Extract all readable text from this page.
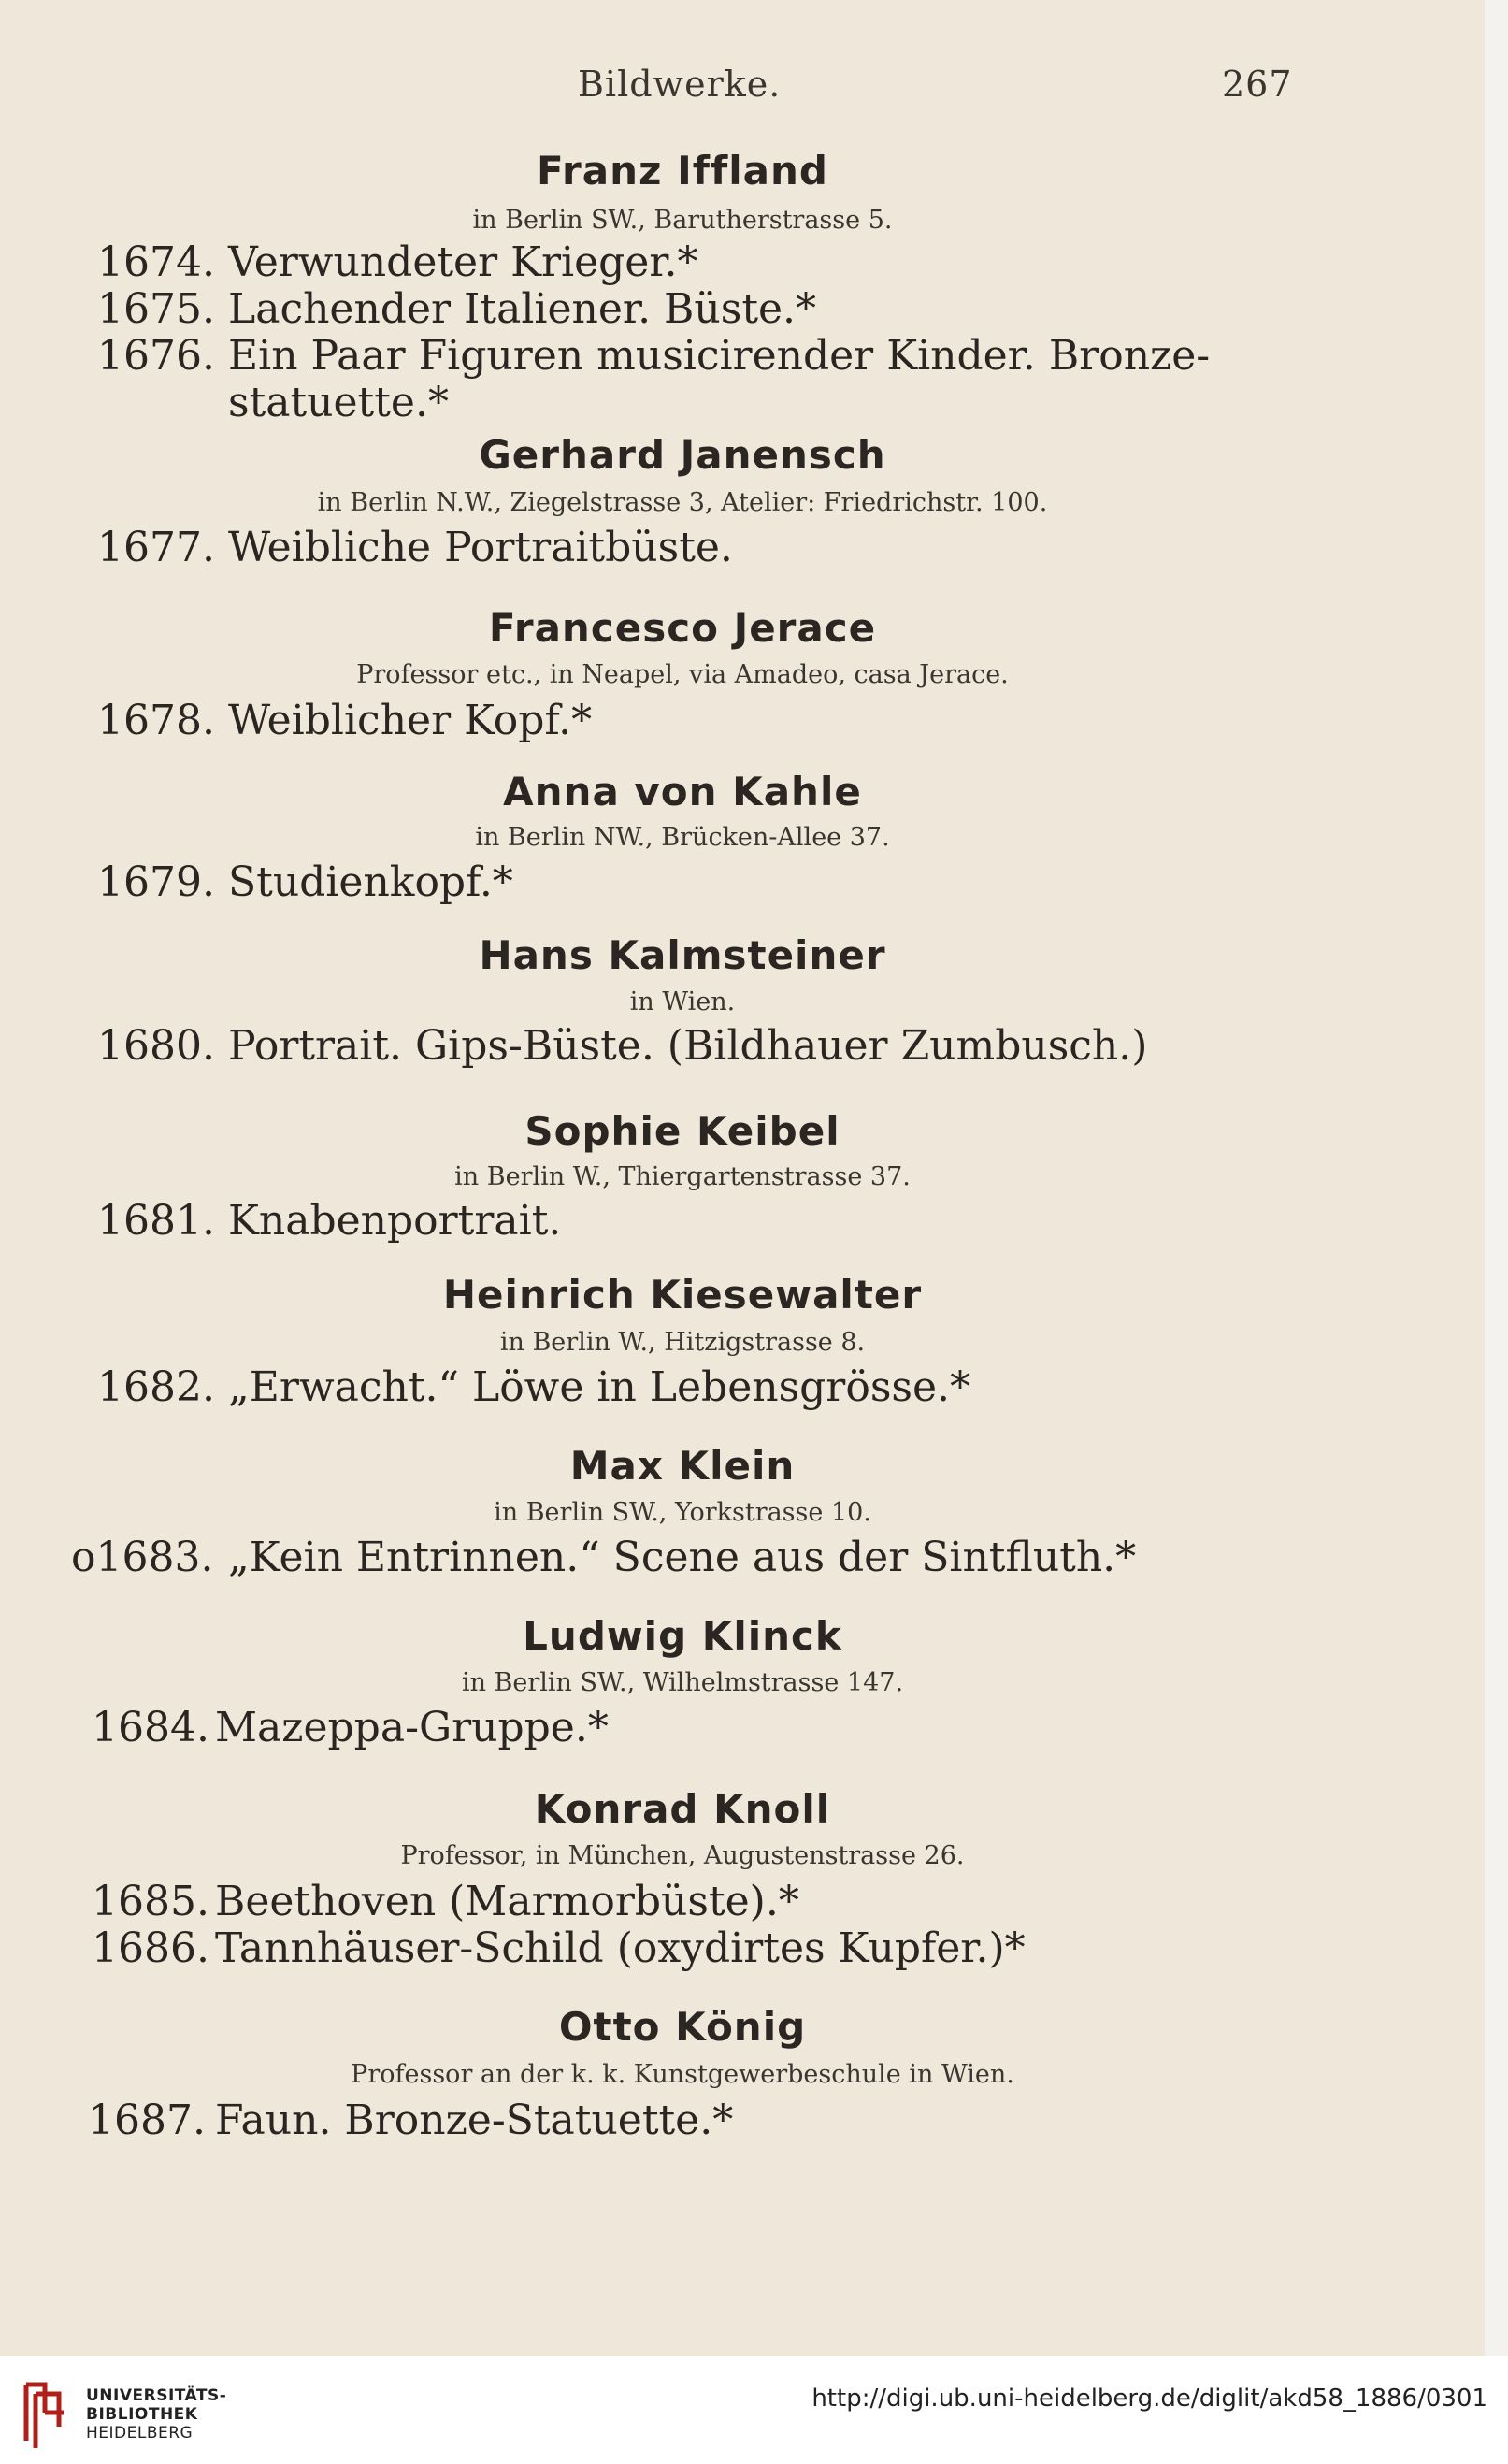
Bildwerke.	267
Franz Iffland
in Berlin SW., Barutherstrasse 5.
1674. Verwundeter Krieger.*
1675. Lachender Italiener. Büste.*
1676. Ein Paar Figuren musicirender Kinder. Bronze-
statuette.*
Gerhard Janensch
in Berlin N.W., Ziegelstrasse 3, Atelier: Friedrichstr. 100.
1677. Weibliche Portraitbüste.
Francesco Jerace
Professor etc., in Neapel, via Amadeo, casa Jerace.
1678. Weiblicher Kopf.*
Anna von Kahle
in Berlin NW., Brücken-Allee 37.
1679. Studienkopf.*
Hans Kalmsteiner
in Wien.
1680. Portrait. Gips-Büste. (Bildhauer Zumbusch.)
Sophie Keibel
in Berlin W., Thiergartenstrasse 37.
1681. Knabenportrait.
Heinrich Kiesewalter
in Berlin W., Hitzigstrasse 8.
1682. „Erwacht.“ Löwe in Lebensgrösse.*
Max Klein
in Berlin SW., Yorkstrasse 10.
o1683. „Kein Entrinnen.“ Scene aus der Sintfluth.*
Ludwig Klinck
in Berlin SW., Wilhelmstrasse 147.
1684. Mazeppa-Gruppe.*
Konrad Knoll
Professor, in München, Augustenstrasse 26.
1685. Beethoven (Marmorbüste).*
1686. Tannhäuser-Schild (oxydirtes Kupfer.)*
Otto König
Professor an der k. k. Kunstgewerbeschule in Wien.
1687. Faun. Bronze-Statuette.*
UNIVERSITÄTS-
BIBLIOTHEK
HEIDELBERG
http://digi.ub.uni-heidelberg.de/diglit/akd58_1886/0301
